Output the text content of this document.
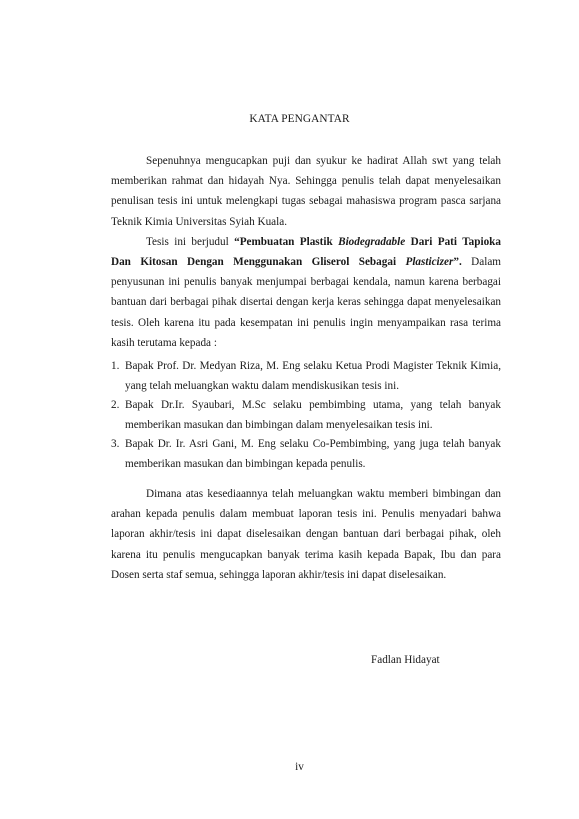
KATA PENGANTAR

Sepenuhnya mengucapkan puji dan syukur ke hadirat Allah swt yang telah memberikan rahmat dan hidayah Nya. Sehingga penulis telah dapat menyelesaikan penulisan tesis ini untuk melengkapi tugas sebagai mahasiswa program pasca sarjana Teknik Kimia Universitas Syiah Kuala.

Tesis ini berjudul “Pembuatan Plastik Biodegradable Dari Pati Tapioka Dan Kitosan Dengan Menggunakan Gliserol Sebagai Plasticizer”. Dalam penyusunan ini penulis banyak menjumpai berbagai kendala, namun karena berbagai bantuan dari berbagai pihak disertai dengan kerja keras sehingga dapat menyelesaikan tesis. Oleh karena itu pada kesempatan ini penulis ingin menyampaikan rasa terima kasih terutama kepada :

1. Bapak Prof. Dr. Medyan Riza, M. Eng selaku Ketua Prodi Magister Teknik Kimia, yang telah meluangkan waktu dalam mendiskusikan tesis ini.
2. Bapak Dr.Ir. Syaubari, M.Sc selaku pembimbing utama, yang telah banyak memberikan masukan dan bimbingan dalam menyelesaikan tesis ini.
3. Bapak Dr. Ir. Asri Gani, M. Eng selaku Co-Pembimbing, yang juga telah banyak memberikan masukan dan bimbingan kepada penulis.

Dimana atas kesediaannya telah meluangkan waktu memberi bimbingan dan arahan kepada penulis dalam membuat laporan tesis ini. Penulis menyadari bahwa laporan akhir/tesis ini dapat diselesaikan dengan bantuan dari berbagai pihak, oleh karena itu penulis mengucapkan banyak terima kasih kepada Bapak, Ibu dan para Dosen serta staf semua, sehingga laporan akhir/tesis ini dapat diselesaikan.

Fadlan Hidayat
iv
